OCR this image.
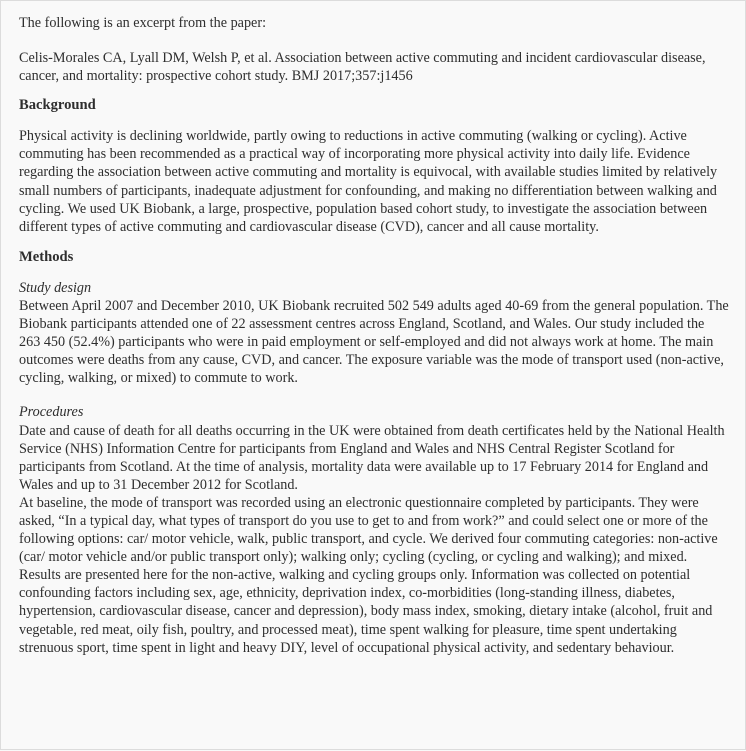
The following is an excerpt from the paper:

Celis-Morales CA, Lyall DM, Welsh P, et al. Association between active commuting and incident cardiovascular disease, cancer, and mortality: prospective cohort study. BMJ 2017;357:j1456

Background

Physical activity is declining worldwide, partly owing to reductions in active commuting (walking or cycling). Active commuting has been recommended as a practical way of incorporating more physical activity into daily life. Evidence regarding the association between active commuting and mortality is equivocal, with available studies limited by relatively small numbers of participants, inadequate adjustment for confounding, and making no differentiation between walking and cycling. We used UK Biobank, a large, prospective, population based cohort study, to investigate the association between different types of active commuting and cardiovascular disease (CVD), cancer and all cause mortality.

Methods
Study design

Between April 2007 and December 2010, UK Biobank recruited 502 549 adults aged 40-69 from the general population. The Biobank participants attended one of 22 assessment centres across England, Scotland, and Wales. Our study included the 263 450 (52.4%) participants who were in paid employment or self-employed and did not always work at home. The main outcomes were deaths from any cause, CVD, and cancer. The exposure variable was the mode of transport used (non-active, cycling, walking, or mixed) to commute to work.

Procedures

Date and cause of death for all deaths occurring in the UK were obtained from death certificates held by the National Health Service (NHS) Information Centre for participants from England and Wales and NHS Central Register Scotland for participants from Scotland. At the time of analysis, mortality data were available up to 17 February 2014 for England and Wales and up to 31 December 2012 for Scotland.

At baseline, the mode of transport was recorded using an electronic questionnaire completed by participants. They were asked, “In a typical day, what types of transport do you use to get to and from work?” and could select one or more of the following options: car/ motor vehicle, walk, public transport, and cycle. We derived four commuting categories: non-active (car/ motor vehicle and/or public transport only); walking only; cycling (cycling, or cycling and walking); and mixed. Results are presented here for the non-active, walking and cycling groups only. Information was collected on potential confounding factors including sex, age, ethnicity, deprivation index, co-morbidities (long-standing illness, diabetes, hypertension, cardiovascular disease, cancer and depression), body mass index, smoking, dietary intake (alcohol, fruit and vegetable, red meat, oily fish, poultry, and processed meat), time spent walking for pleasure, time spent undertaking strenuous sport, time spent in light and heavy DIY, level of occupational physical activity, and sedentary behaviour.
